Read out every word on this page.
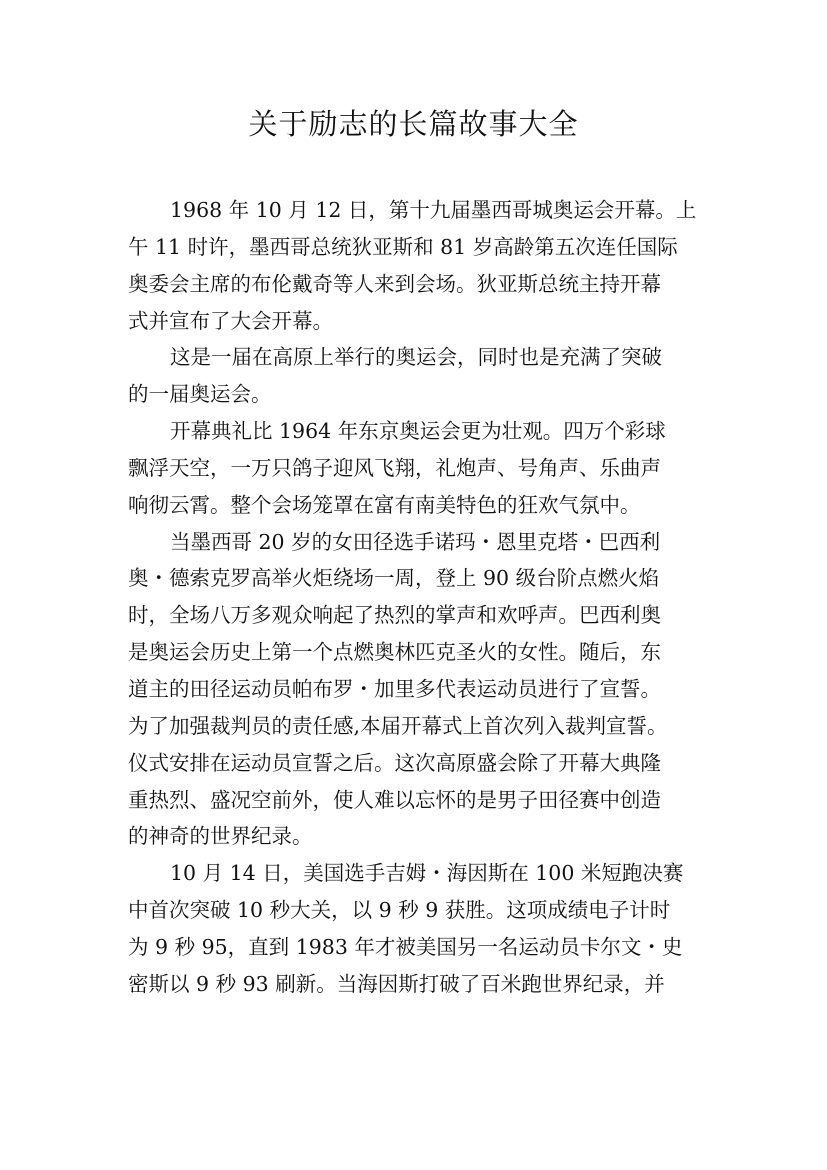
关于励志的长篇故事大全
1968 年 10 月 12 日，第十九届墨西哥城奥运会开幕。上
午 11 时许，墨西哥总统狄亚斯和 81 岁高龄第五次连任国际
奥委会主席的布伦戴奇等人来到会场。狄亚斯总统主持开幕
式并宣布了大会开幕。
这是一届在高原上举行的奥运会，同时也是充满了突破
的一届奥运会。
开幕典礼比 1964 年东京奥运会更为壮观。四万个彩球
飘浮天空，一万只鸽子迎风飞翔，礼炮声、号角声、乐曲声
响彻云霄。整个会场笼罩在富有南美特色的狂欢气氛中。
当墨西哥 20 岁的女田径选手诺玛・恩里克塔・巴西利
奥・德索克罗高举火炬绕场一周，登上 90 级台阶点燃火焰
时，全场八万多观众响起了热烈的掌声和欢呼声。巴西利奥
是奥运会历史上第一个点燃奥林匹克圣火的女性。随后，东
道主的田径运动员帕布罗・加里多代表运动员进行了宣誓。
为了加强裁判员的责任感,本届开幕式上首次列入裁判宣誓。
仪式安排在运动员宣誓之后。这次高原盛会除了开幕大典隆
重热烈、盛况空前外，使人难以忘怀的是男子田径赛中创造
的神奇的世界纪录。
10 月 14 日，美国选手吉姆・海因斯在 100 米短跑决赛
中首次突破 10 秒大关，以 9 秒 9 获胜。这项成绩电子计时
为 9 秒 95，直到 1983 年才被美国另一名运动员卡尔文・史
密斯以 9 秒 93 刷新。当海因斯打破了百米跑世界纪录，并
